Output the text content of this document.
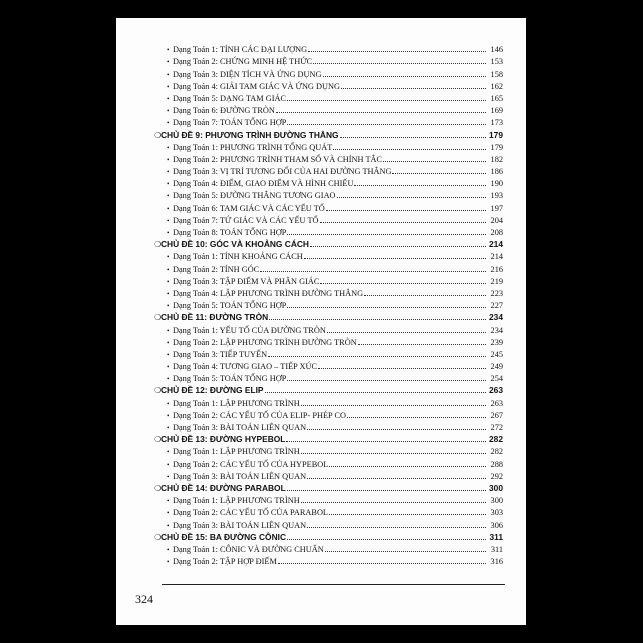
• Dạng Toán 1: TÍNH CÁC ĐẠI LƯỢNG	146
• Dạng Toán 2: CHỨNG MINH HỆ THỨC	153
• Dạng Toán 3: DIỆN TÍCH VÀ ỨNG DỤNG	158
• Dạng Toán 4: GIẢI TAM GIÁC VÀ ỨNG DỤNG	162
• Dạng Toán 5: DẠNG TAM GIÁC	165
• Dạng Toán 6: ĐƯỜNG TRÒN	169
• Dạng Toán 7: TOÁN TỔNG HỢP	173
❍ CHỦ ĐỀ 9: PHƯƠNG TRÌNH ĐƯỜNG THẲNG	179
• Dạng Toán 1: PHƯƠNG TRÌNH TỔNG QUÁT	179
• Dạng Toán 2: PHƯƠNG TRÌNH THAM SỐ VÀ CHÍNH TẮC	182
• Dạng Toán 3: VỊ TRÍ TƯƠNG ĐỐI CỦA HAI ĐƯỜNG THẲNG	186
• Dạng Toán 4: ĐIỂM, GIAO ĐIỂM VÀ HÌNH CHIẾU	190
• Dạng Toán 5: ĐƯỜNG THẲNG TƯƠNG GIAO	193
• Dạng Toán 6: TAM GIÁC VÀ CÁC YẾU TỐ	197
• Dạng Toán 7: TỨ GIÁC VÀ CÁC YẾU TỐ	204
• Dạng Toán 8: TOÁN TỔNG HỢP	208
❍ CHỦ ĐỀ 10: GÓC VÀ KHOẢNG CÁCH	214
• Dạng Toán 1: TÍNH KHOẢNG CÁCH	214
• Dạng Toán 2: TÍNH GÓC	216
• Dạng Toán 3: TẬP ĐIỂM VÀ PHÂN GIÁC	219
• Dạng Toán 4: LẬP PHƯƠNG TRÌNH ĐƯỜNG THẲNG	223
• Dạng Toán 5: TOÁN TỔNG HỢP	227
❍ CHỦ ĐỀ 11: ĐƯỜNG TRÒN	234
• Dạng Toán 1: YẾU TỐ CỦA ĐƯỜNG TRÒN	234
• Dạng Toán 2: LẬP PHƯƠNG TRÌNH ĐƯỜNG TRÒN	239
• Dạng Toán 3: TIẾP TUYẾN	245
• Dạng Toán 4: TƯƠNG GIAO – TIẾP XÚC	249
• Dạng Toán 5: TOÁN TỔNG HỢP	254
❍ CHỦ ĐỀ 12: ĐƯỜNG ELIP	263
• Dạng Toán 1: LẬP PHƯƠNG TRÌNH	263
• Dạng Toán 2: CÁC YẾU TỐ CỦA ELIP- PHÉP CO	267
• Dạng Toán 3: BÀI TOÁN LIÊN QUAN	272
❍ CHỦ ĐỀ 13: ĐƯỜNG HYPEBOL	282
• Dạng Toán 1: LẬP PHƯƠNG TRÌNH	282
• Dạng Toán 2: CÁC YẾU TỐ CỦA HYPEBOL	288
• Dạng Toán 3: BÀI TOÁN LIÊN QUAN	292
❍ CHỦ ĐỀ 14: ĐƯỜNG PARABOL	300
• Dạng Toán 1: LẬP PHƯƠNG TRÌNH	300
• Dạng Toán 2: CÁC YẾU TỐ CỦA PARABOL	303
• Dạng Toán 3: BÀI TOÁN LIÊN QUAN	306
❍ CHỦ ĐỀ 15: BA ĐƯỜNG CÔNIC	311
• Dạng Toán 1: CÔNIC VÀ ĐƯỜNG CHUẨN	311
• Dạng Toán 2: TẬP HỢP ĐIỂM	316
324
